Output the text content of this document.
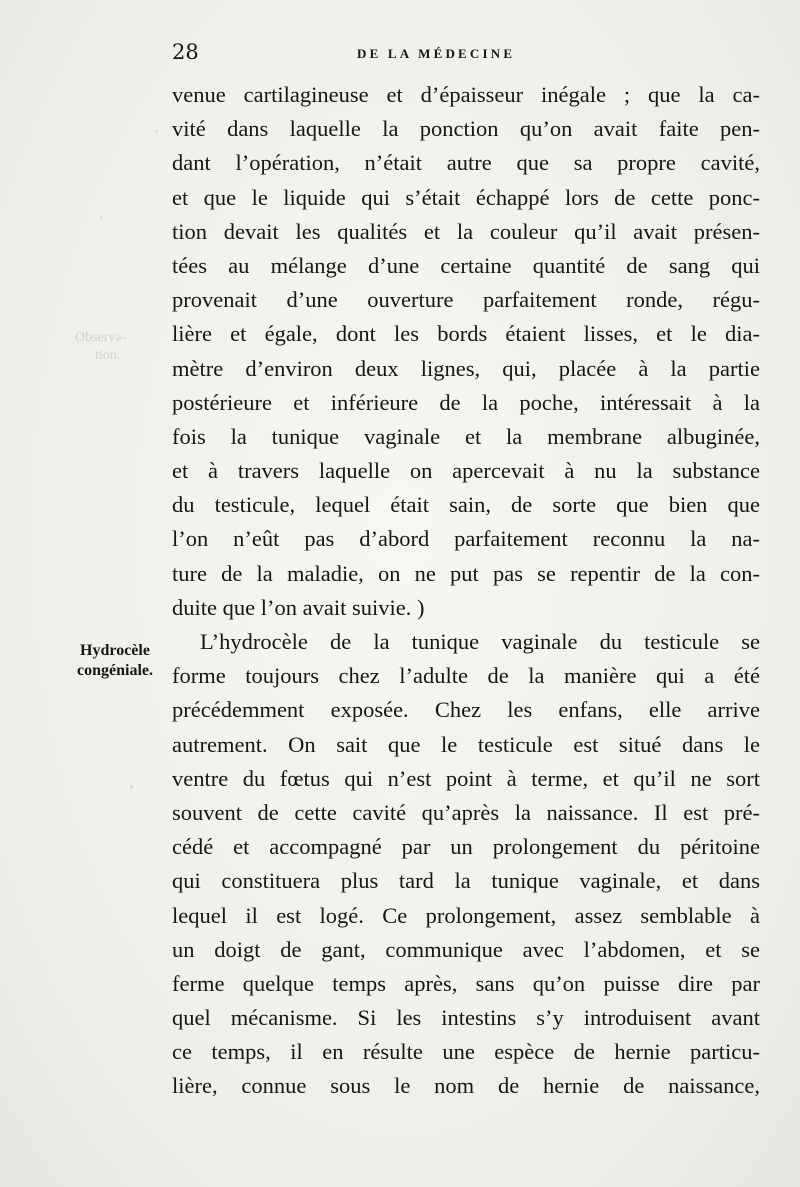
Observa-
tion.
28	DE LA MÉDECINE
Hydrocèle
congéniale.
venue cartilagineuse et d’épaisseur inégale ; que la ca-
vité dans laquelle la ponction qu’on avait faite pen-
dant l’opération, n’était autre que sa propre cavité,
et que le liquide qui s’était échappé lors de cette ponc-
tion devait les qualités et la couleur qu’il avait présen-
tées au mélange d’une certaine quantité de sang qui
provenait d’une ouverture parfaitement ronde, régu-
lière et égale, dont les bords étaient lisses, et le dia-
mètre d’environ deux lignes, qui, placée à la partie
postérieure et inférieure de la poche, intéressait à la
fois la tunique vaginale et la membrane albuginée,
et à travers laquelle on apercevait à nu la substance
du testicule, lequel était sain, de sorte que bien que
l’on n’eût pas d’abord parfaitement reconnu la na-
ture de la maladie, on ne put pas se repentir de la con-
duite que l’on avait suivie. )
L’hydrocèle de la tunique vaginale du testicule se
forme toujours chez l’adulte de la manière qui a été
précédemment exposée. Chez les enfans, elle arrive
autrement. On sait que le testicule est situé dans le
ventre du fœtus qui n’est point à terme, et qu’il ne sort
souvent de cette cavité qu’après la naissance. Il est pré-
cédé et accompagné par un prolongement du péritoine
qui constituera plus tard la tunique vaginale, et dans
lequel il est logé. Ce prolongement, assez semblable à
un doigt de gant, communique avec l’abdomen, et se
ferme quelque temps après, sans qu’on puisse dire par
quel mécanisme. Si les intestins s’y introduisent avant
ce temps, il en résulte une espèce de hernie particu-
lière, connue sous le nom de hernie de naissance,
